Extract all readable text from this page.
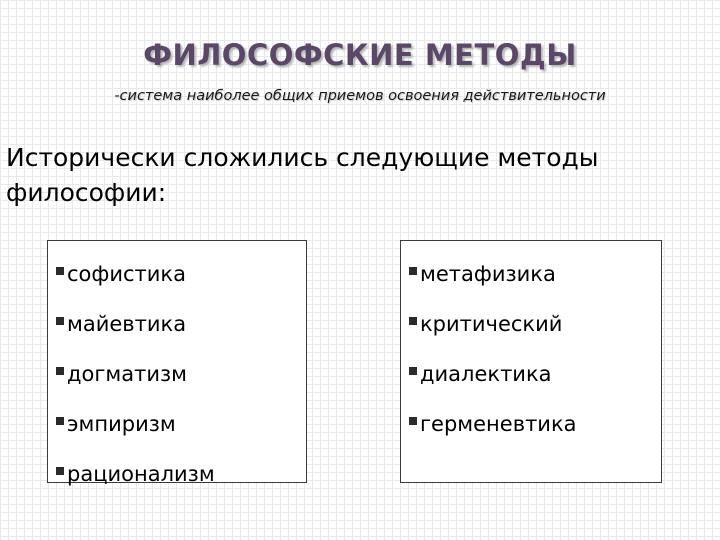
ФИЛОСОФСКИЕ МЕТОДЫ
-система наиболее общих приемов освоения действительности
Исторически сложились следующие методы философии:
софистика
майевтика
догматизм
эмпиризм
рационализм
метафизика
критический
диалектика
герменевтика
